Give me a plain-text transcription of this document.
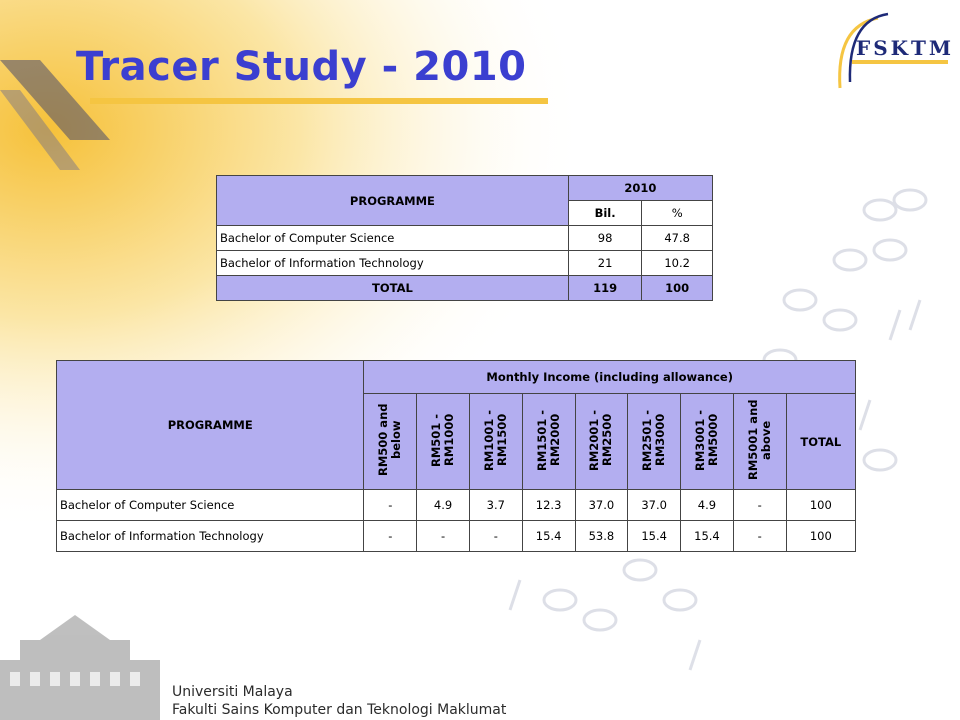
FSKTM
Tracer Study - 2010
PROGRAMME	2010	
	Bil.	%
Bachelor of Computer Science	98	47.8
Bachelor of Information Technology	21	10.2
TOTAL	119	100
PROGRAMME	Monthly Income (including allowance)								
	RM500 and below	RM501 - RM1000	RM1001 - RM1500	RM1501 - RM2000	RM2001 - RM2500	RM2501 - RM3000	RM3001 - RM5000	RM5001 and above	TOTAL
Bachelor of Computer Science	-	4.9	3.7	12.3	37.0	37.0	4.9	-	100
Bachelor of Information Technology	-	-	-	15.4	53.8	15.4	15.4	-	100
Universiti Malaya
Fakulti Sains Komputer dan Teknologi Maklumat
